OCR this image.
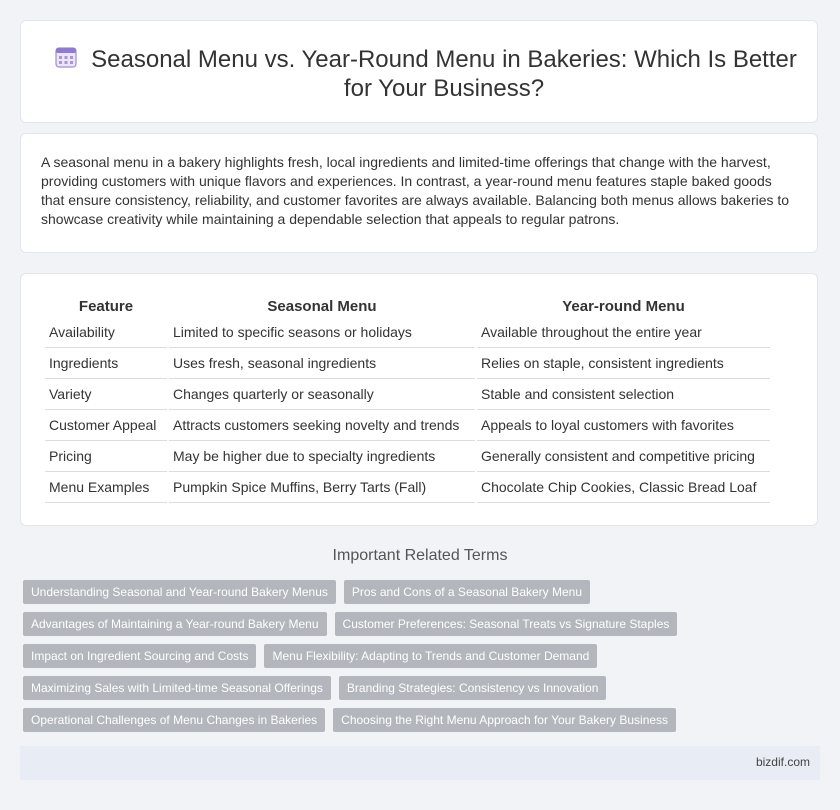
Seasonal Menu vs. Year-Round Menu in Bakeries: Which Is Better for Your Business?

A seasonal menu in a bakery highlights fresh, local ingredients and limited-time offerings that change with the harvest, providing customers with unique flavors and experiences. In contrast, a year-round menu features staple baked goods that ensure consistency, reliability, and customer favorites are always available. Balancing both menus allows bakeries to showcase creativity while maintaining a dependable selection that appeals to regular patrons.

Feature	Seasonal Menu	Year-round Menu
Availability	Limited to specific seasons or holidays	Available throughout the entire year
Ingredients	Uses fresh, seasonal ingredients	Relies on staple, consistent ingredients
Variety	Changes quarterly or seasonally	Stable and consistent selection
Customer Appeal	Attracts customers seeking novelty and trends	Appeals to loyal customers with favorites
Pricing	May be higher due to specialty ingredients	Generally consistent and competitive pricing
Menu Examples	Pumpkin Spice Muffins, Berry Tarts (Fall)	Chocolate Chip Cookies, Classic Bread Loaf
Important Related Terms
Understanding Seasonal and Year-round Bakery Menus	Pros and Cons of a Seasonal Bakery Menu
Advantages of Maintaining a Year-round Bakery Menu	Customer Preferences: Seasonal Treats vs Signature Staples
Impact on Ingredient Sourcing and Costs	Menu Flexibility: Adapting to Trends and Customer Demand
Maximizing Sales with Limited-time Seasonal Offerings	Branding Strategies: Consistency vs Innovation
Operational Challenges of Menu Changes in Bakeries	Choosing the Right Menu Approach for Your Bakery Business
bizdif.com
